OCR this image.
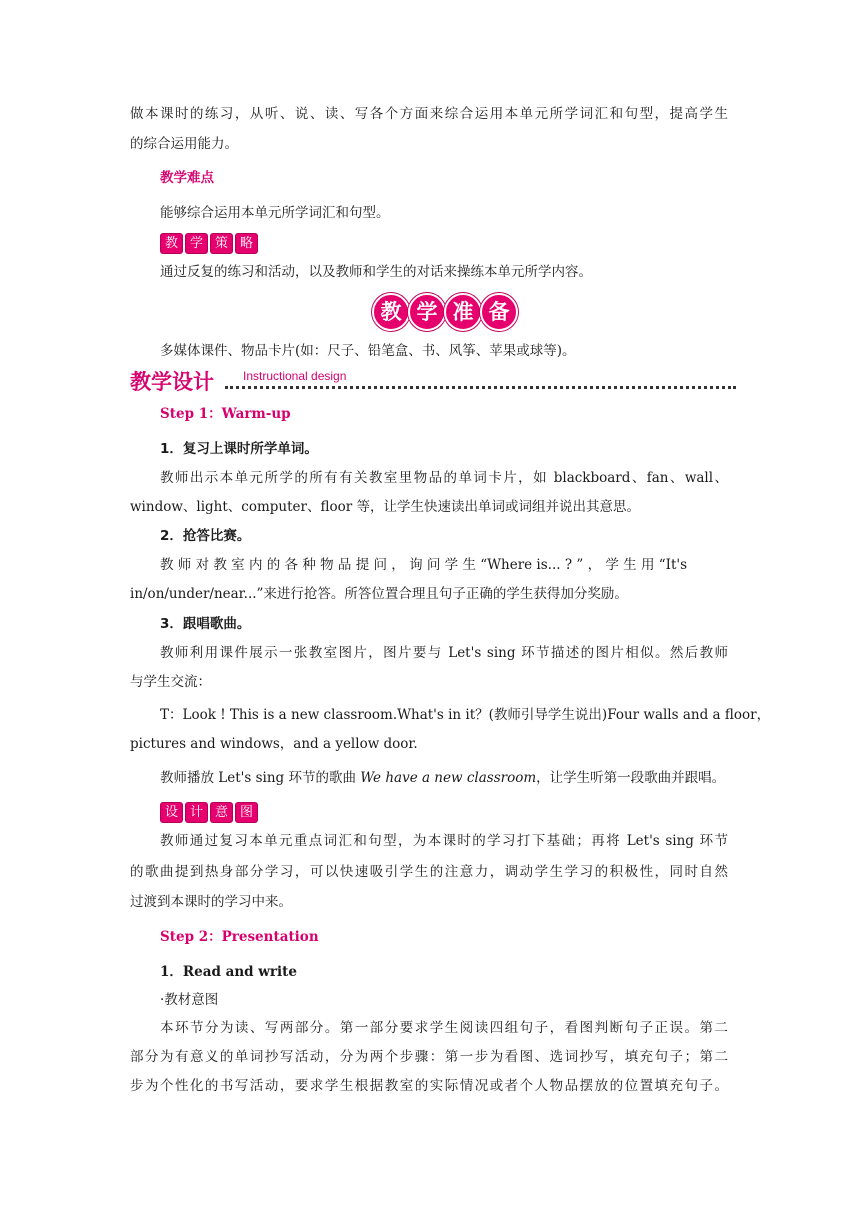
做本课时的练习，从听、说、读、写各个方面来综合运用本单元所学词汇和句型，提高学生
的综合运用能力。
教学难点
能够综合运用本单元所学词汇和句型。
教 学 策 略
通过反复的练习和活动，以及教师和学生的对话来操练本单元所学内容。
教 学 准 备
多媒体课件、物品卡片(如：尺子、铅笔盒、书、风筝、苹果或球等)。
教学设计 Instructional design
Step 1：Warm-up
1．复习上课时所学单词。
教师出示本单元所学的所有有关教室里物品的单词卡片，如 blackboard、fan、wall、
window、light、computer、floor 等，让学生快速读出单词或词组并说出其意思。
2．抢答比赛。
教 师 对 教 室 内 的 各 种 物 品 提 问 ， 询 问 学 生 “Where is... ? ” ， 学 生 用 “It's
in/on/under/near...”来进行抢答。所答位置合理且句子正确的学生获得加分奖励。
3．跟唱歌曲。
教师利用课件展示一张教室图片，图片要与 Let's sing 环节描述的图片相似。然后教师
与学生交流：
T：Look ! This is a new classroom.What's in it？(教师引导学生说出)Four walls and a floor，
pictures and windows，and a yellow door.
教师播放 Let's sing 环节的歌曲 We have a new classroom，让学生听第一段歌曲并跟唱。
设 计 意 图
教师通过复习本单元重点词汇和句型，为本课时的学习打下基础；再将 Let's sing 环节
的歌曲提到热身部分学习，可以快速吸引学生的注意力，调动学生学习的积极性，同时自然
过渡到本课时的学习中来。
Step 2：Presentation
1．Read and write
·教材意图
本环节分为读、写两部分。第一部分要求学生阅读四组句子，看图判断句子正误。第二
部分为有意义的单词抄写活动，分为两个步骤：第一步为看图、选词抄写，填充句子；第二
步为个性化的书写活动，要求学生根据教室的实际情况或者个人物品摆放的位置填充句子。
